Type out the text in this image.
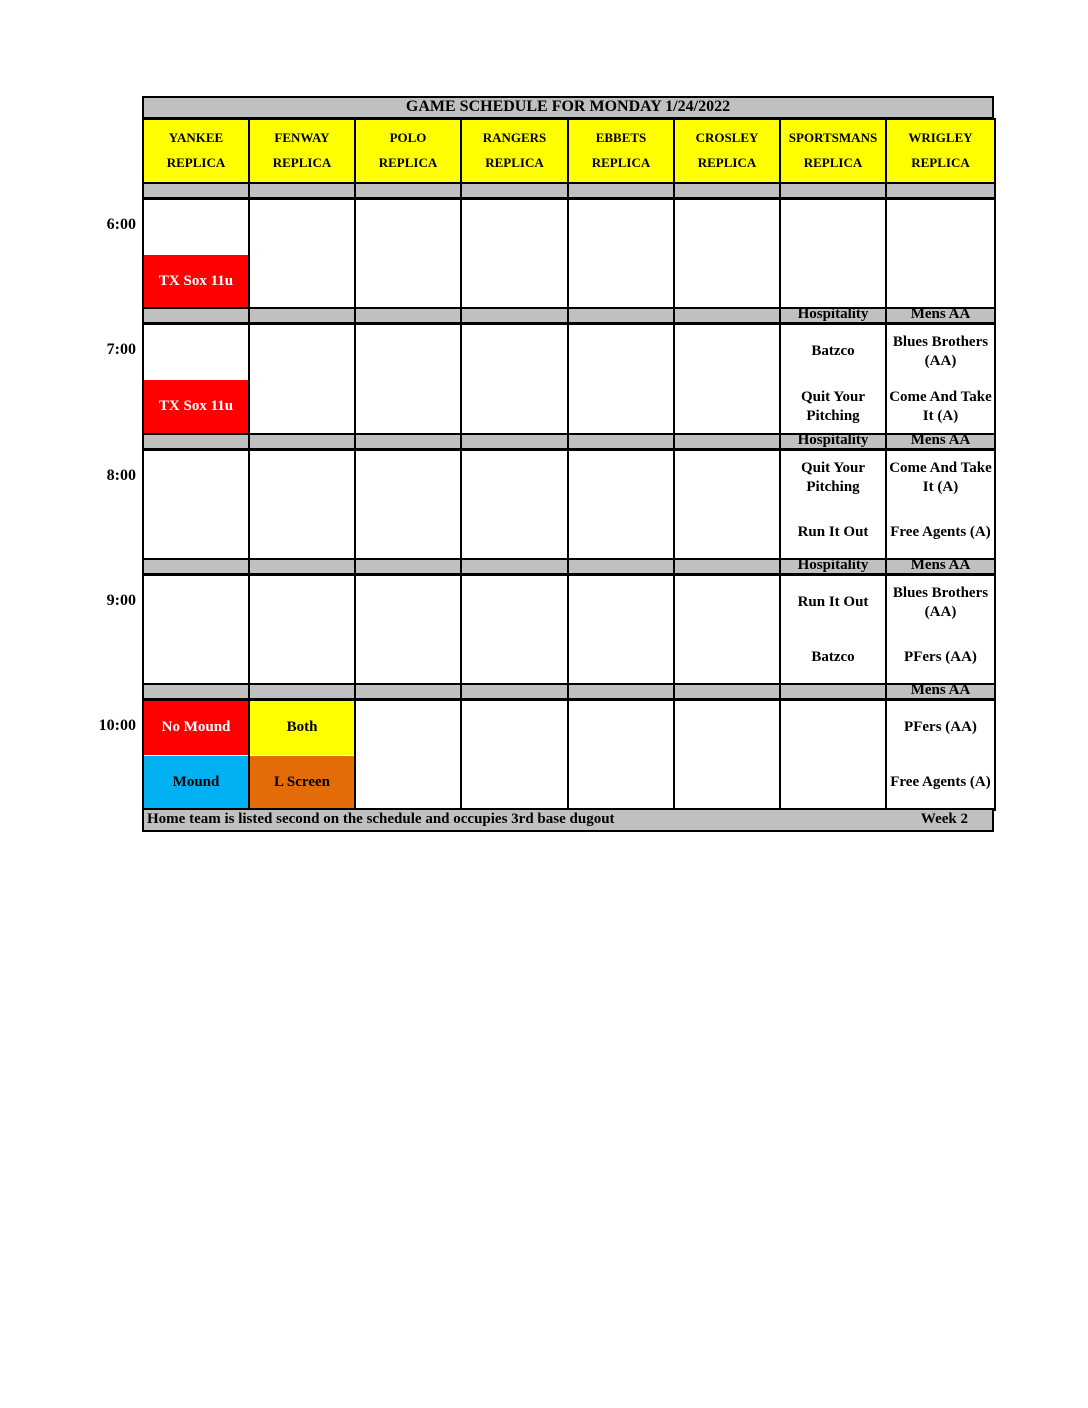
GAME SCHEDULE FOR MONDAY 1/24/2022
YANKEE
REPLICA
FENWAY
REPLICA
POLO
REPLICA
RANGERS
REPLICA
EBBETS
REPLICA
CROSLEY
REPLICA
SPORTSMANS
REPLICA
WRIGLEY
REPLICA
6:00
TX Sox 11u
7:00
TX Sox 11u
Hospitality
Batzco
Quit Your Pitching
Mens AA
Blues Brothers (AA)
Come And Take It (A)
8:00
Hospitality
Quit Your Pitching
Run It Out
Mens AA
Come And Take It (A)
Free Agents (A)
9:00
Hospitality
Run It Out
Batzco
Mens AA
Blues Brothers (AA)
PFers (AA)
10:00	No Mound
Mound
Both
L Screen
Mens AA
PFers (AA)
Free Agents (A)
Home team is listed second on the schedule and occupies 3rd base dugout	Week 2
